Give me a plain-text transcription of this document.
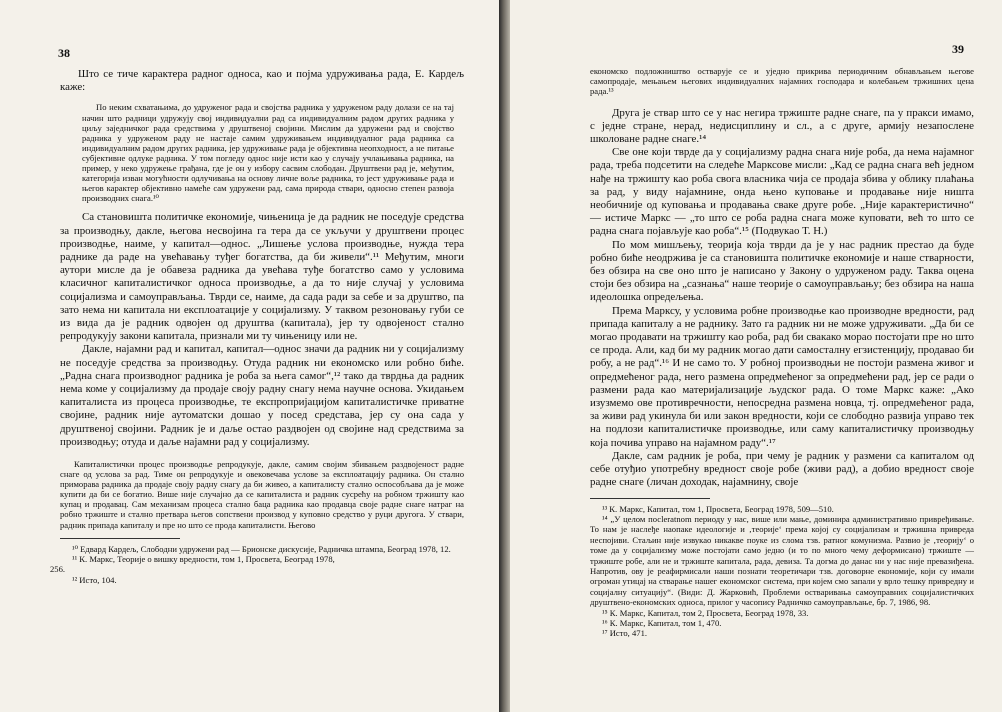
38

Што се тиче карактера радног односа, као и појма удруживања рада, Е. Кардељ каже:

По неким схватањима, до удруженог рада и својства радника у удруженом раду долази се на тај начин што радници удружују своj индивидуални рад са индивидуалним радом других радника у циљу заједничког рада средствима у друштвеној својини. Мислим да удружени рад и својство радника у удруженом раду не настаје самим удруживањем индивидуалног рада радника са индивидуалним радом других радника, јер удруживање рада је објективна неопходност, а не питање субјективне одлуке радника. У том погледу однос није исти као у случају учлањивања радника, на пример, у неко удружење грађана, где је он у избору сасвим слободан. Друштвени рад је, међутим, категорија изван могућности одлучивања на основу личне воље радника, то јест удруживање рада и његов карактер објективно намеће сам удружени рад, сама природа ствари, односно степен развоја производних снага.¹⁰

Са становишта политичке економије, чињеница је да радник не поседује средства за производњу, дакле, његова несвојина га тера да се укључи у друштвени процес производње, наиме, у капитал—однос. „Лишење услова производње, нужда тера раднике да раде на увећавању туђег богатства, да би живели“.¹¹ Међутим, многи аутори мисле да је обавеза радника да увећава туђе богатство само у условима класичног капиталистичког односа производње, а да то није случај у условима социјализма и самоуправљања. Тврди се, наиме, да сада ради за себе и за друштво, па зато нема ни капитала ни експлоатације у социјализму. У таквом резоновању губи се из вида да је радник одвојен од друштва (капитала), јер ту одвојеност стално репродукују закони капитала, признали ми ту чињеницу или не.

Дакле, најамни рад и капитал, капитал—однос значи да радник ни у социјализму не поседује средства за производњу. Отуда радник ни економско или робно биће. „Радна снага производног радника је роба за њега самог“,¹² тако да тврдња да радник нема коме у социјализму да продаје своју радну снагу нема научне основа. Укидањем капиталиста из процеса производње, те експропријацијом капиталистичке приватне својине, радник није аутоматски дошао у посед средстава, јер су она сада у друштвеној својини. Радник је и даље остао раздвојен од својине над средствима за производњу; отуда и даље најамни рад у социјализму.

Капиталистички процес производње репродукује, дакле, самим својим збивањем раздвојеност радне снаге од услова за рад. Тиме он репродукује и овековечава услове за експлоатацију радника. Он стално приморава радника да продаје своју радну снагу да би живео, а капиталисту стално оспособљава да је може купити да би се богатио. Више није случајно да се капиталиста и радник сусрећу на робном тржишту као купац и продавац. Сам механизам процеса стално баца радника као продавца своје радне снаге натраг на робно тржиште и стално претвара његов сопствени производ у куповно средство у руци другога. У ствари, радник припада капиталу и пре но што се прода капиталисти. Његово

¹⁰ Едвард Кардељ, Слободни удружени рад — Брионске дискусије, Радничка штампа, Београд 1978, 12.

¹¹ К. Маркс, Теорије о вишку вредности, том 1, Просвета, Београд 1978,

256.

¹² Исто, 104.

39

економско подложништво остварује се и уједно прикрива периодичним обнављањем његове самопродаје, мењањем његових индивидуалних најамних господара и колебањем тржишних цена рада.¹³

Друга је ствар што се у нас негира тржиште радне снаге, па у пракси имамо, с једне стране, нерад, недисциплину и сл., а с друге, армију незапослене школоване радне снаге.¹⁴

Све оне који тврде да у социјализму радна снага није роба, да нема најамног рада, треба подсетити на следеће Марксове мисли: „Кад се радна снага већ једном нађе на тржишту као роба свога власника чија се продаја збива у облику плаћања за рад, у виду најамнине, онда њено куповање и продавање није ништа необичније од куповања и продавања сваке друге робе. „Није карактеристично“ — истиче Маркс — „то што се роба радна снага може куповати, већ то што се радна снага појављује као роба“.¹⁵ (Подвукао Т. Н.)

По мом мишљењу, теорија која тврди да је у нас радник престао да буде робно биће неодржива је са становишта политичке економије и наше стварности, без обзира на све оно што је написано у Закону о удруженом раду. Таква оцена стоји без обзира на „сазнања“ наше теорије о самоуправљању; без обзира на наша идеолошка опредељења.

Према Марксу, у условима робне производње као производне вредности, рад припада капиталу а не раднику. Зато га радник ни не може удруживати. „Да би се могао продавати на тржишту као роба, рад би свакако морао постојати пре но што се прода. Али, кад би му радник могао дати самосталну егзистенцију, продавао би робу, а не рад“.¹⁶ И не само то. У робној производњи не постоји размена живог и опредмећеног рада, него размена опредмећеног за опредмећени рад, јер се ради о размени рада као материјализације људског рада. О томе Маркс каже: „Ако изузмемо ове противречности, непосредна размена новца, тј. опредмећеног рада, за живи рад укинула би или закон вредности, који се слободно развија управо тек на подлози капиталистичке производње, или саму капиталистичку производњу која почива управо на најамном раду“.¹⁷

Дакле, сам радник је роба, при чему је радник у размени са капиталом од себе отуђио употребну вредност своје робе (живи рад), а добио вредност своје радне снаге (личан доходак, најамнину, своје

¹³ К. Маркс, Капитал, том 1, Просвета, Београд 1978, 509—510.

¹⁴ „У целом посleratnom периоду у нас, више или мање, доминира административно привређивање. То нам је наслеђе наопаке идеологије и ‚теорије‘ према којој су социјализам и тржишна привреда неспојиви. Стаљин није извукао никакве поуке из слома тзв. ратног комунизма. Развио је ‚теорију‘ о томе да у социјализму може постојати само једно (и то по много чему деформисано) тржиште — тржиште робе, али не и тржиште капитала, рада, девиза. Та догма до данас ни у нас није превазиђена. Напротив, ову је реафирмисали наши познати теоретичари тзв. договорне економије, који су имали огроман утицај на стварање нашег економског система, при којем смо запали у врло тешку привредну и социјалну ситуацију“. (Види: Д. Жарковић, Проблеми остваривања самоуправних социјалистичких друштвено-економских односа, прилог у часопису Радничко самоуправљање, бр. 7, 1986, 98.

¹⁵ К. Маркс, Капитал, том 2, Просвета, Београд 1978, 33.

¹⁶ К. Маркс, Капитал, том 1, 470.

¹⁷ Исто, 471.
